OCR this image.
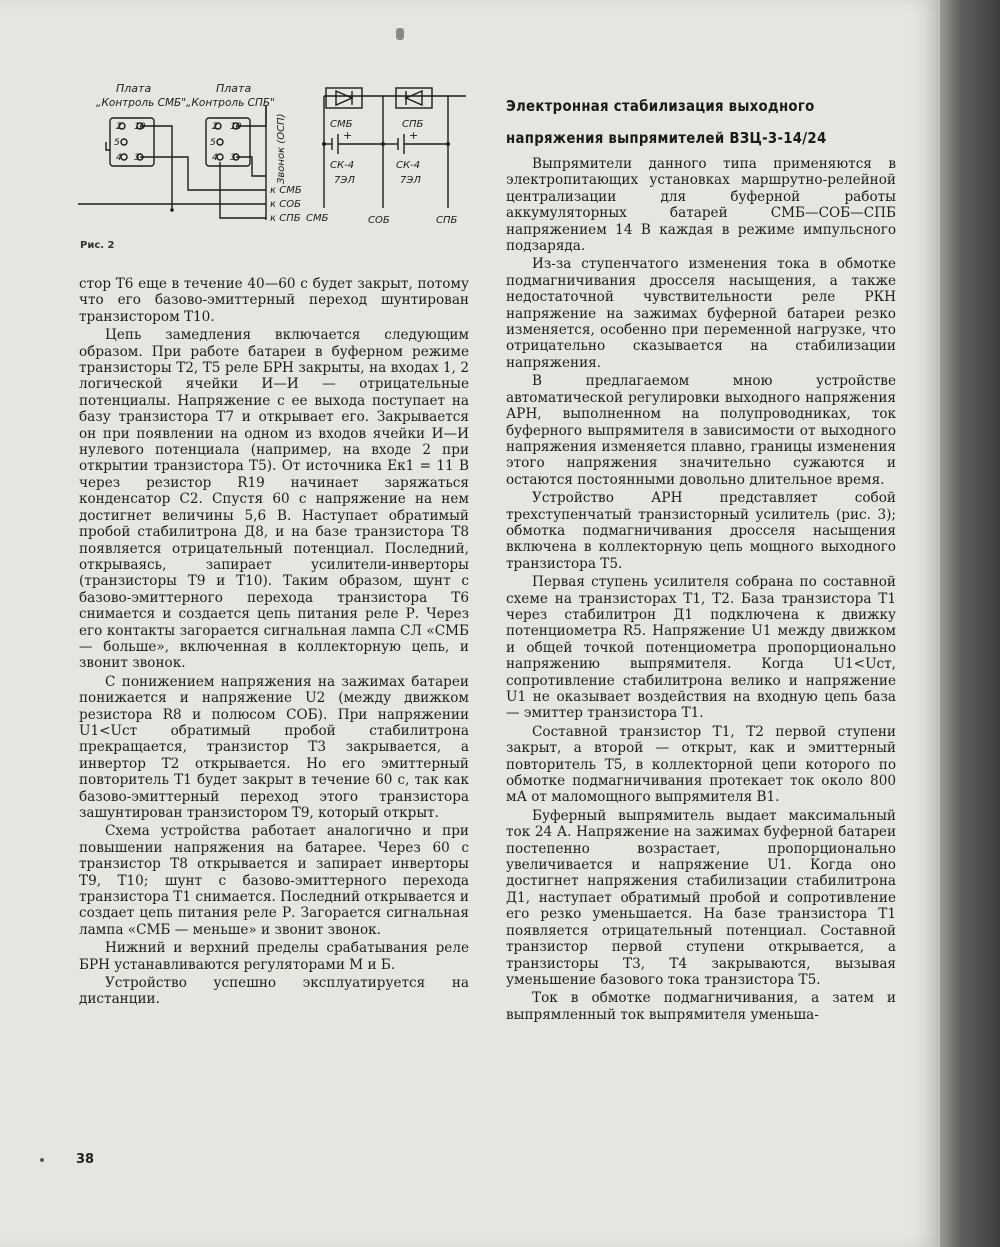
Плата
„Контроль СМБ"
Плата
„Контроль СПБ"
2 10
5
4 3
2 10
5
4 3	Звонок (ОСП)
к СМБ
к СОБ
к СПБ СМБ	СОБ	СПБ
СМБ	СПБ
+	+
СК-4
7ЭЛ
СК-4
7ЭЛ
Рис. 2

стор Т6 еще в течение 40—60 с будет закрыт, потому что его базово-эмиттерный переход шунтирован транзистором Т10.

Цепь замедления включается следующим образом. При работе батареи в буферном режиме транзисторы Т2, Т5 реле БРН закрыты, на входах 1, 2 логической ячейки И—И — отрицательные потенциалы. Напряжение с ее выхода поступает на базу транзистора Т7 и открывает его. Закрывается он при появлении на одном из входов ячейки И—И нулевого потенциала (например, на входе 2 при открытии транзистора Т5). От источника Eк1 = 11 В через резистор R19 начинает заряжаться конденсатор С2. Спустя 60 с напряжение на нем достигнет величины 5,6 В. Наступает обратимый пробой стабилитрона Д8, и на базе транзистора Т8 появляется отрицательный потенциал. Последний, открываясь, запирает усилители-инверторы (транзисторы Т9 и Т10). Таким образом, шунт с базово-эмиттерного перехода транзистора Т6 снимается и создается цепь питания реле Р. Через его контакты загорается сигнальная лампа СЛ «СМБ — больше», включенная в коллекторную цепь, и звонит звонок.

С понижением напряжения на зажимах батареи понижается и напряжение U2 (между движком резистора R8 и полюсом СОБ). При напряжении U1<Uст обратимый пробой стабилитрона прекращается, транзистор Т3 закрывается, а инвертор Т2 открывается. Но его эмиттерный повторитель Т1 будет закрыт в течение 60 с, так как базово-эмиттерный переход этого транзистора зашунтирован транзистором Т9, который открыт.

Схема устройства работает аналогично и при повышении напряжения на батарее. Через 60 с транзистор Т8 открывается и запирает инверторы Т9, Т10; шунт с базово-эмиттерного перехода транзистора Т1 снимается. Последний открывается и создает цепь питания реле Р. Загорается сигнальная лампа «СМБ — меньше» и звонит звонок.

Нижний и верхний пределы срабатывания реле БРН устанавливаются регуляторами М и Б.

Устройство успешно эксплуатируется на дистанции.

Электронная стабилизация выходного
напряжения выпрямителей ВЗЦ-3-14/24

Выпрямители данного типа применяются в электропитающих установках маршрутно-релейной централизации для буферной работы аккумуляторных батарей СМБ—СОБ—СПБ напряжением 14 В каждая в режиме импульсного подзаряда.

Из-за ступенчатого изменения тока в обмотке подмагничивания дросселя насыщения, а также недостаточной чувствительности реле РКН напряжение на зажимах буферной батареи резко изменяется, особенно при переменной нагрузке, что отрицательно сказывается на стабилизации напряжения.

В предлагаемом мною устройстве автоматической регулировки выходного напряжения АРН, выполненном на полупроводниках, ток буферного выпрямителя в зависимости от выходного напряжения изменяется плавно, границы изменения этого напряжения значительно сужаются и остаются постоянными довольно длительное время.

Устройство АРН представляет собой трехступенчатый транзисторный усилитель (рис. 3); обмотка подмагничивания дросселя насыщения включена в коллекторную цепь мощного выходного транзистора Т5.

Первая ступень усилителя собрана по составной схеме на транзисторах Т1, Т2. База транзистора Т1 через стабилитрон Д1 подключена к движку потенциометра R5. Напряжение U1 между движком и общей точкой потенциометра пропорционально напряжению выпрямителя. Когда U1<Uст, сопротивление стабилитрона велико и напряжение U1 не оказывает воздействия на входную цепь база — эмиттер транзистора Т1.

Составной транзистор Т1, Т2 первой ступени закрыт, а второй — открыт, как и эмиттерный повторитель Т5, в коллекторной цепи которого по обмотке подмагничивания протекает ток около 800 мА от маломощного выпрямителя В1.

Буферный выпрямитель выдает максимальный ток 24 А. Напряжение на зажимах буферной батареи постепенно возрастает, пропорционально увеличивается и напряжение U1. Когда оно достигнет напряжения стабилизации стабилитрона Д1, наступает обратимый пробой и сопротивление его резко уменьшается. На базе транзистора Т1 появляется отрицательный потенциал. Составной транзистор первой ступени открывается, а транзисторы Т3, Т4 закрываются, вызывая уменьшение базового тока транзистора Т5.

Ток в обмотке подмагничивания, а затем и выпрямленный ток выпрямителя уменьша-

38
